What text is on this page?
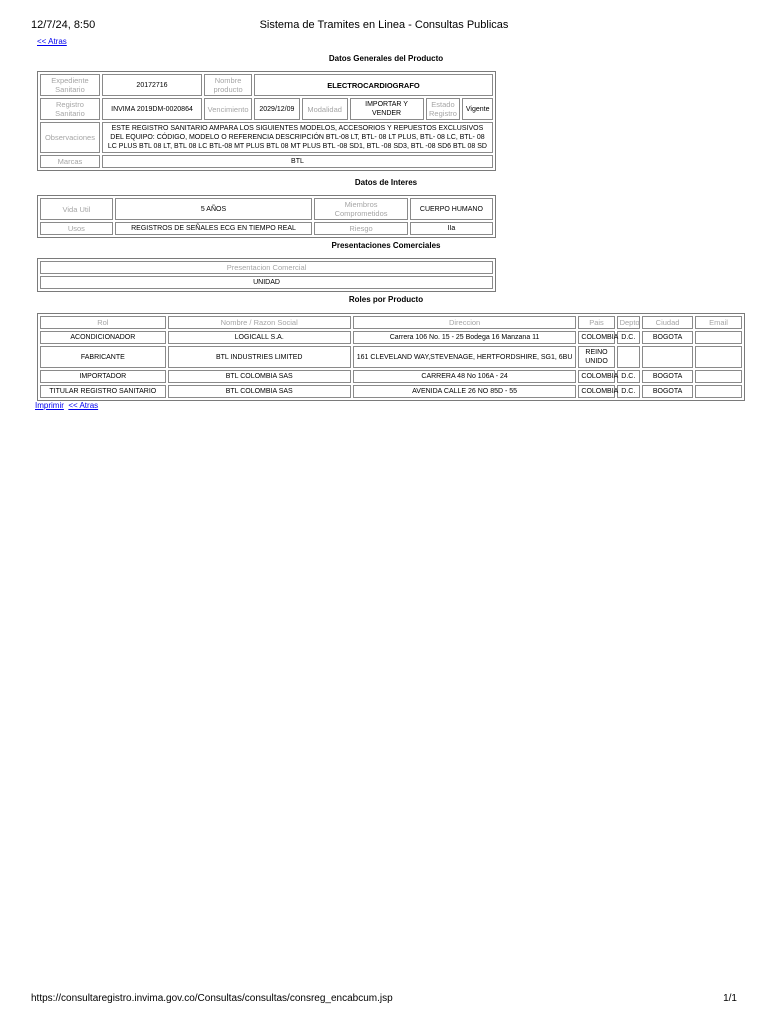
12/7/24, 8:50	Sistema de Tramites en Linea - Consultas Publicas
<< Atras
Datos Generales del Producto
Expediente Sanitario	20172716	Nombre producto	ELECTROCARDIOGRAFO				
Registro Sanitario	INVIMA 2019DM-0020864	Vencimiento	2029/12/09	Modalidad	IMPORTAR Y VENDER	Estado Registro	Vigente
Observaciones	ESTE REGISTRO SANITARIO AMPARA LOS SIGUIENTES MODELOS, ACCESORIOS Y REPUESTOS EXCLUSIVOS DEL EQUIPO: CÓDIGO, MODELO O REFERENCIA DESCRIPCIÓN BTL-08 LT, BTL- 08 LT PLUS, BTL- 08 LC, BTL- 08 LC PLUS BTL 08 LT, BTL 08 LC BTL-08 MT PLUS BTL 08 MT PLUS BTL -08 SD1, BTL -08 SD3, BTL -08 SD6 BTL 08 SD						
Marcas	BTL						
Datos de Interes
Vida Util	5 AÑOS	Miembros Comprometidos	CUERPO HUMANO
Usos	REGISTROS DE SEÑALES ECG EN TIEMPO REAL	Riesgo	IIa
Presentaciones Comerciales
Presentacion Comercial
UNIDAD
Roles por Producto
Rol	Nombre / Razon Social	Direccion	Pais	Depto	Ciudad	Email
ACONDICIONADOR	LOGICALL S.A.	Carrera 106 No. 15 - 25 Bodega 16 Manzana 11	COLOMBIA	D.C.	BOGOTA	
FABRICANTE	BTL INDUSTRIES LIMITED	161 CLEVELAND WAY,STEVENAGE, HERTFORDSHIRE, SG1, 6BU	REINO UNIDO			
IMPORTADOR	BTL COLOMBIA SAS	CARRERA 48 No 106A - 24	COLOMBIA	D.C.	BOGOTA	
TITULAR REGISTRO SANITARIO	BTL COLOMBIA SAS	AVENIDA CALLE 26 NO 85D - 55	COLOMBIA	D.C.	BOGOTA	
Imprimir << Atras
https://consultaregistro.invima.gov.co/Consultas/consultas/consreg_encabcum.jsp	1/1
